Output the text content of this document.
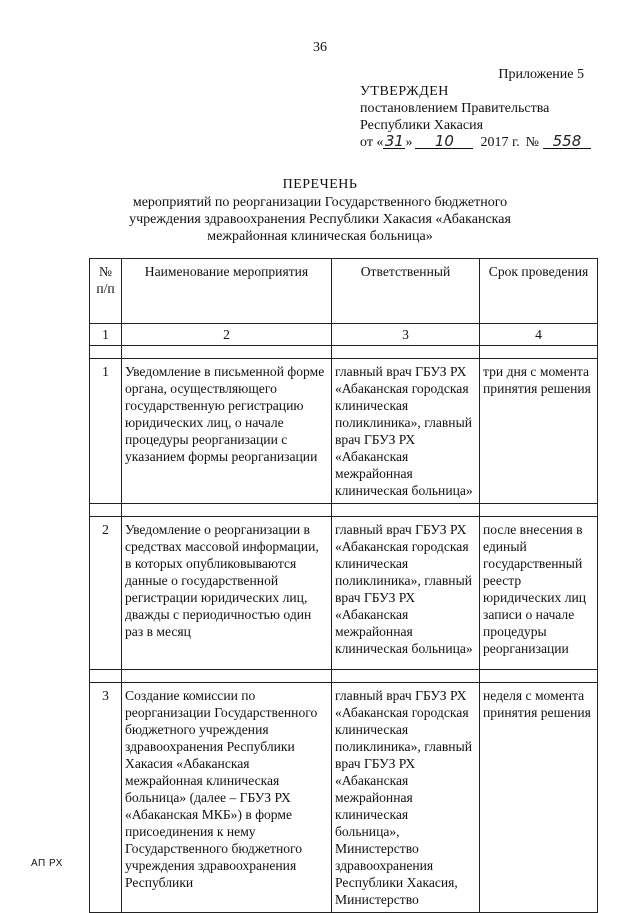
36
Приложение 5
УТВЕРЖДЕН
постановлением Правительства
Республики Хакасия
от « 31 »	10	2017 г. № 558
ПЕРЕЧЕНЬ
мероприятий по реорганизации Государственного бюджетного учреждения здравоохранения Республики Хакасия «Абаканская межрайонная клиническая больница»
№ п/п	Наименование мероприятия	Ответственный	Срок проведения
1	2	3	4

1	Уведомление в письменной форме органа, осуществляющего государственную регистрацию юридических лиц, о начале процедуры реорганизации с указанием формы реорганизации	главный врач ГБУЗ РХ «Абаканская городская клиническая поликлиника», главный врач ГБУЗ РХ «Абаканская межрайонная клиническая больница»	три дня с момента принятия решения

2	Уведомление о реорганизации в средствах массовой информации, в которых опубликовываются данные о государственной регистрации юридических лиц, дважды с периодичностью один раз в месяц	главный врач ГБУЗ РХ «Абаканская городская клиническая поликлиника», главный врач ГБУЗ РХ «Абаканская межрайонная клиническая больница»	после внесения в единый государственный реестр юридических лиц записи о начале процедуры реорганизации

3	Создание комиссии по реорганизации Государственного бюджетного учреждения здравоохранения Республики Хакасия «Абаканская межрайонная клиническая больница» (далее – ГБУЗ РХ «Абаканская МКБ») в форме присоединения к нему Государственного бюджетного учреждения здравоохранения Республики	главный врач ГБУЗ РХ «Абаканская городская клиническая поликлиника», главный врач ГБУЗ РХ «Абаканская межрайонная клиническая больница», Министерство здравоохранения Республики Хакасия, Министерство	неделя с момента принятия решения
АП РХ
